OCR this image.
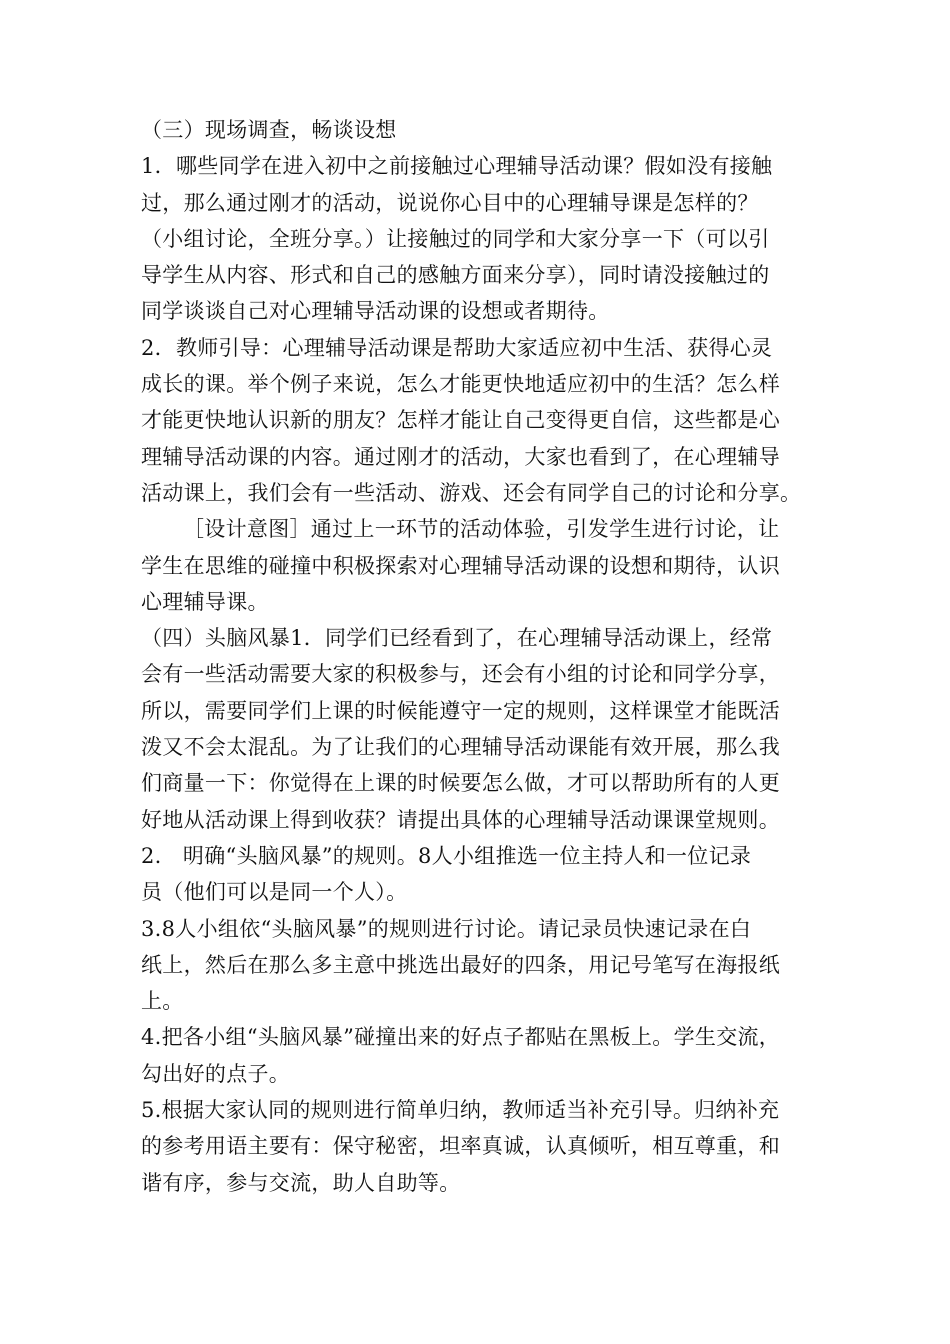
（三）现场调查，畅谈设想
1．哪些同学在进入初中之前接触过心理辅导活动课？假如没有接触
过，那么通过刚才的活动，说说你心目中的心理辅导课是怎样的？
（小组讨论，全班分享。）让接触过的同学和大家分享一下（可以引
导学生从内容、形式和自己的感触方面来分享），同时请没接触过的
同学谈谈自己对心理辅导活动课的设想或者期待。
2．教师引导：心理辅导活动课是帮助大家适应初中生活、获得心灵
成长的课。举个例子来说，怎么才能更快地适应初中的生活？怎么样
才能更快地认识新的朋友？怎样才能让自己变得更自信，这些都是心
理辅导活动课的内容。通过刚才的活动，大家也看到了，在心理辅导
活动课上，我们会有一些活动、游戏、还会有同学自己的讨论和分享。
［设计意图］通过上一环节的活动体验，引发学生进行讨论，让
学生在思维的碰撞中积极探索对心理辅导活动课的设想和期待，认识
心理辅导课。
（四）头脑风暴1．同学们已经看到了，在心理辅导活动课上，经常
会有一些活动需要大家的积极参与，还会有小组的讨论和同学分享，
所以，需要同学们上课的时候能遵守一定的规则，这样课堂才能既活
泼又不会太混乱。为了让我们的心理辅导活动课能有效开展，那么我
们商量一下：你觉得在上课的时候要怎么做，才可以帮助所有的人更
好地从活动课上得到收获？请提出具体的心理辅导活动课课堂规则。
2.　明确“头脑风暴”的规则。8人小组推选一位主持人和一位记录
员（他们可以是同一个人）。
3.8人小组依“头脑风暴”的规则进行讨论。请记录员快速记录在白
纸上，然后在那么多主意中挑选出最好的四条，用记号笔写在海报纸
上。
4.把各小组“头脑风暴”碰撞出来的好点子都贴在黑板上。学生交流，
勾出好的点子。
5.根据大家认同的规则进行简单归纳，教师适当补充引导。归纳补充
的参考用语主要有：保守秘密，坦率真诚，认真倾听，相互尊重，和
谐有序，参与交流，助人自助等。
